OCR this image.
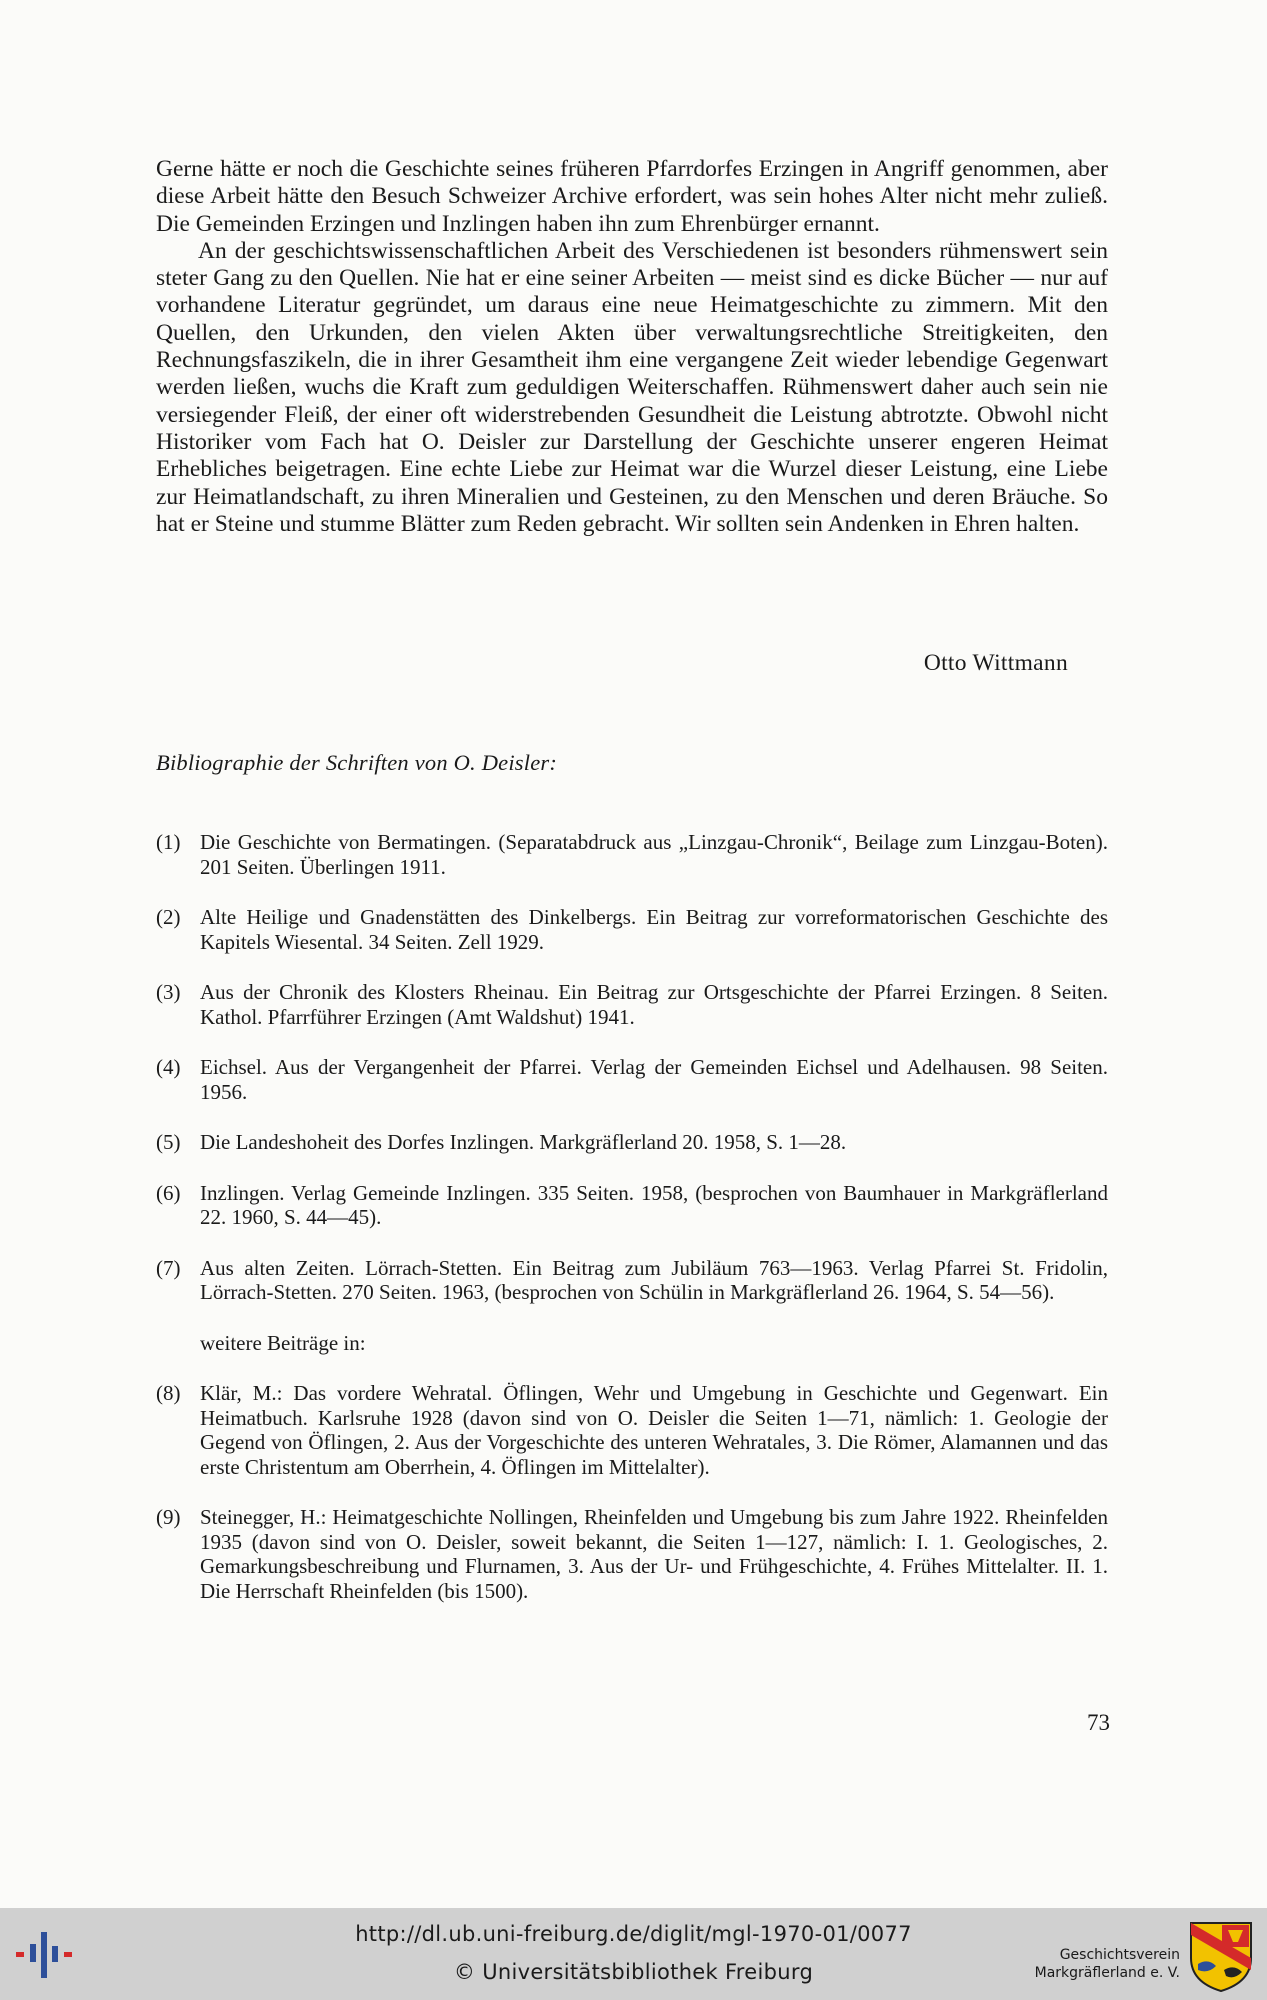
Gerne hätte er noch die Geschichte seines früheren Pfarrdorfes Erzingen in Angriff genommen, aber diese Arbeit hätte den Besuch Schweizer Archive erfordert, was sein hohes Alter nicht mehr zuließ. Die Gemeinden Erzingen und Inzlingen haben ihn zum Ehrenbürger ernannt.

An der geschichtswissenschaftlichen Arbeit des Verschiedenen ist besonders rühmenswert sein steter Gang zu den Quellen. Nie hat er eine seiner Arbeiten — meist sind es dicke Bücher — nur auf vorhandene Literatur gegründet, um daraus eine neue Heimatgeschichte zu zimmern. Mit den Quellen, den Urkunden, den vielen Akten über verwaltungsrechtliche Streitigkeiten, den Rechnungsfaszikeln, die in ihrer Gesamtheit ihm eine vergangene Zeit wieder lebendige Gegenwart werden ließen, wuchs die Kraft zum geduldigen Weiterschaffen. Rühmenswert daher auch sein nie versiegender Fleiß, der einer oft widerstrebenden Gesundheit die Leistung abtrotzte. Obwohl nicht Historiker vom Fach hat O. Deisler zur Darstellung der Geschichte unserer engeren Heimat Erhebliches beigetragen. Eine echte Liebe zur Heimat war die Wurzel dieser Leistung, eine Liebe zur Heimatlandschaft, zu ihren Mineralien und Gesteinen, zu den Menschen und deren Bräuche. So hat er Steine und stumme Blätter zum Reden gebracht. Wir sollten sein Andenken in Ehren halten.

Otto Wittmann
Bibliographie der Schriften von O. Deisler:
(1) Die Geschichte von Bermatingen. (Separatabdruck aus „Linzgau-Chronik“, Beilage zum Linzgau-Boten). 201 Seiten. Überlingen 1911.
(2) Alte Heilige und Gnadenstätten des Dinkelbergs. Ein Beitrag zur vorreformatorischen Geschichte des Kapitels Wiesental. 34 Seiten. Zell 1929.
(3) Aus der Chronik des Klosters Rheinau. Ein Beitrag zur Ortsgeschichte der Pfarrei Erzingen. 8 Seiten. Kathol. Pfarrführer Erzingen (Amt Waldshut) 1941.
(4) Eichsel. Aus der Vergangenheit der Pfarrei. Verlag der Gemeinden Eichsel und Adelhausen. 98 Seiten. 1956.
(5) Die Landeshoheit des Dorfes Inzlingen. Markgräflerland 20. 1958, S. 1—28.
(6) Inzlingen. Verlag Gemeinde Inzlingen. 335 Seiten. 1958, (besprochen von Baumhauer in Markgräflerland 22. 1960, S. 44—45).
(7) Aus alten Zeiten. Lörrach-Stetten. Ein Beitrag zum Jubiläum 763—1963. Verlag Pfarrei St. Fridolin, Lörrach-Stetten. 270 Seiten. 1963, (besprochen von Schülin in Markgräflerland 26. 1964, S. 54—56).
weitere Beiträge in:
(8) Klär, M.: Das vordere Wehratal. Öflingen, Wehr und Umgebung in Geschichte und Gegenwart. Ein Heimatbuch. Karlsruhe 1928 (davon sind von O. Deisler die Seiten 1—71, nämlich: 1. Geologie der Gegend von Öflingen, 2. Aus der Vorgeschichte des unteren Wehratales, 3. Die Römer, Alamannen und das erste Christentum am Oberrhein, 4. Öflingen im Mittelalter).
(9) Steinegger, H.: Heimatgeschichte Nollingen, Rheinfelden und Umgebung bis zum Jahre 1922. Rheinfelden 1935 (davon sind von O. Deisler, soweit bekannt, die Seiten 1—127, nämlich: I. 1. Geologisches, 2. Gemarkungsbeschreibung und Flurnamen, 3. Aus der Ur- und Frühgeschichte, 4. Frühes Mittelalter. II. 1. Die Herrschaft Rheinfelden (bis 1500).
73
http://dl.ub.uni-freiburg.de/diglit/mgl-1970-01/0077
© Universitätsbibliothek Freiburg
Geschichtsverein
Markgräflerland e. V.
